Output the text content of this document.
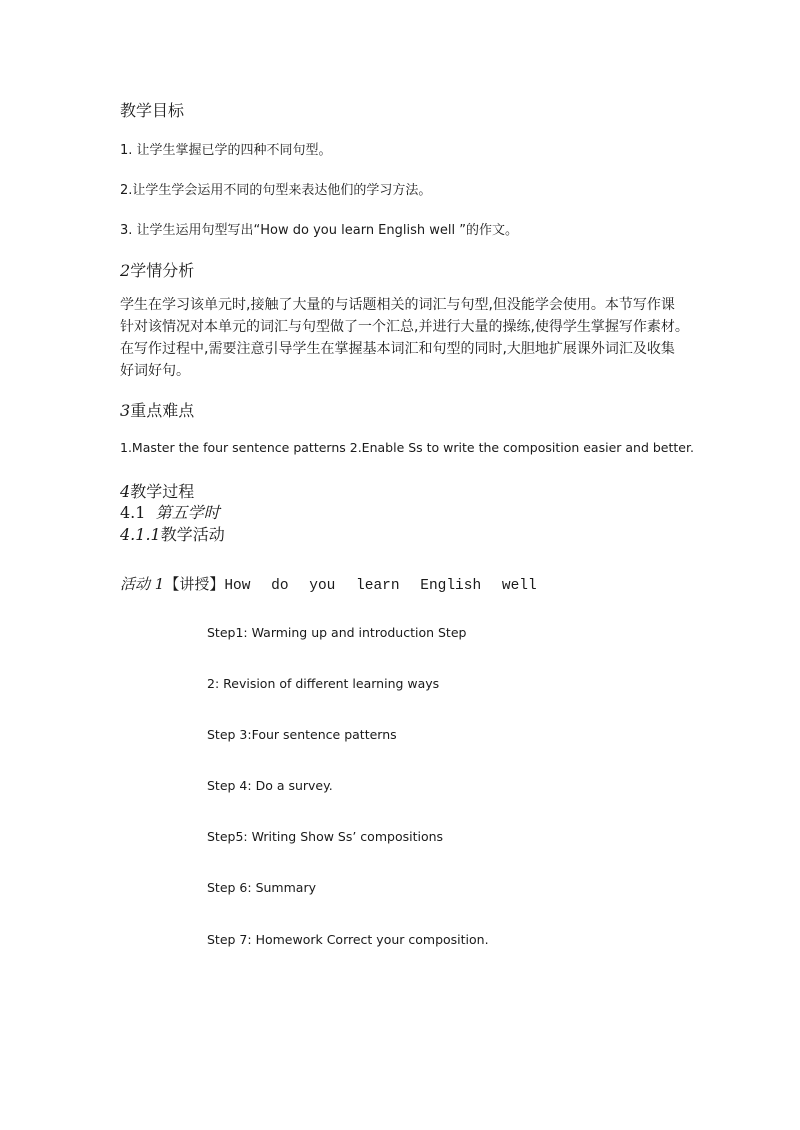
教学目标
1. 让学生掌握已学的四种不同句型。
2.让学生学会运用不同的句型来表达他们的学习方法。
3. 让学生运用句型写出“How do you learn English well ”的作文。
2学情分析
学生在学习该单元时,接触了大量的与话题相关的词汇与句型,但没能学会使用。本节写作课
针对该情况对本单元的词汇与句型做了一个汇总,并进行大量的操练,使得学生掌握写作素材。
在写作过程中,需要注意引导学生在掌握基本词汇和句型的同时,大胆地扩展课外词汇及收集
好词好句。
3重点难点
1.Master the four sentence patterns 2.Enable Ss to write the composition easier and better.
4教学过程
4.1 第五学时
4.1.1教学活动
活动 1【讲授】How do you learn English well
Step1: Warming up and introduction Step
2: Revision of different learning ways
Step 3:Four sentence patterns
Step 4: Do a survey.
Step5: Writing Show Ss’ compositions
Step 6: Summary
Step 7: Homework Correct your composition.
